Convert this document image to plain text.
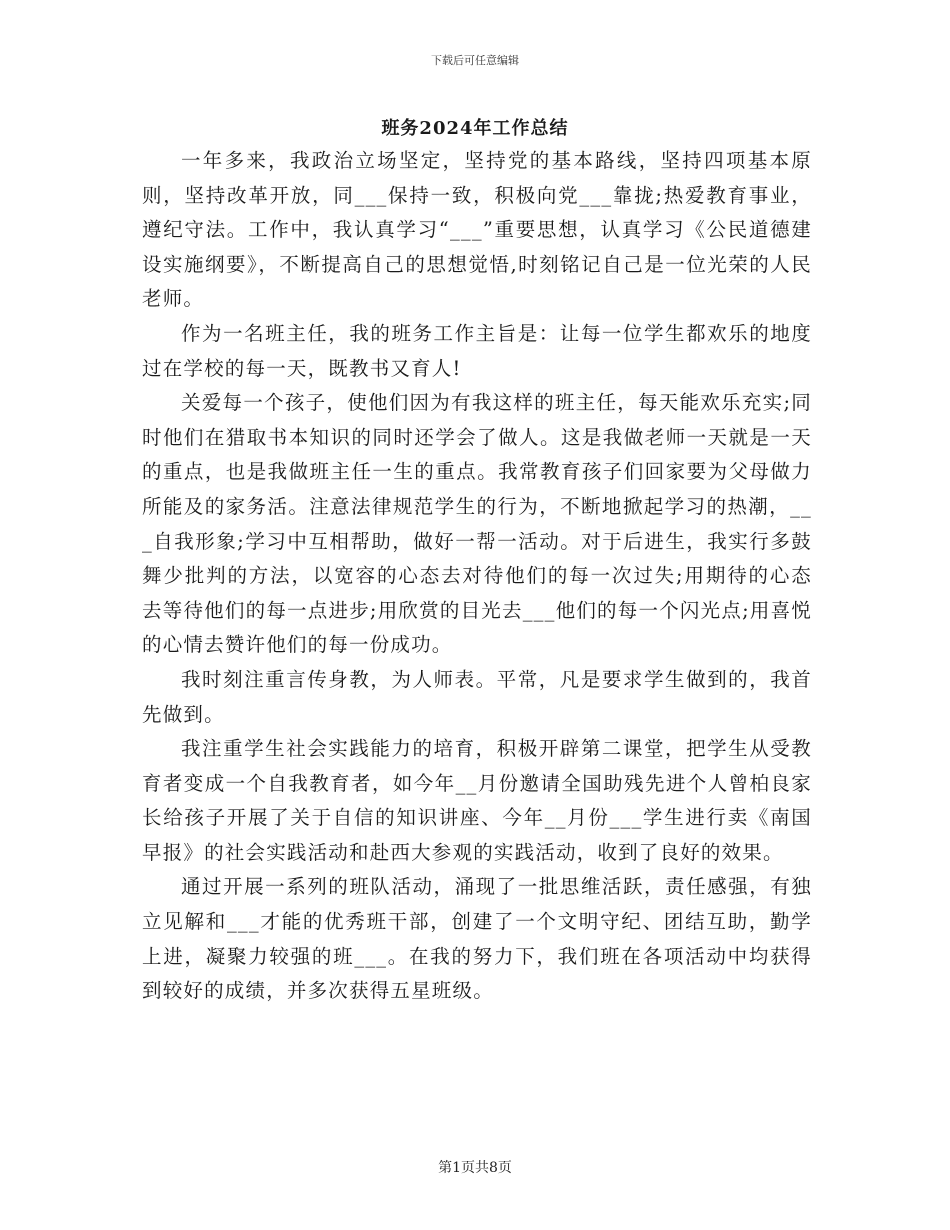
下载后可任意编辑
班务2024年工作总结

一年多来，我政治立场坚定，坚持党的基本路线，坚持四项基本原则，坚持改革开放，同___保持一致，积极向党___靠拢;热爱教育事业，遵纪守法。工作中，我认真学习“___”重要思想，认真学习《公民道德建设实施纲要》，不断提高自己的思想觉悟,时刻铭记自己是一位光荣的人民老师。

作为一名班主任，我的班务工作主旨是：让每一位学生都欢乐的地度过在学校的每一天，既教书又育人!

关爱每一个孩子，使他们因为有我这样的班主任，每天能欢乐充实;同时他们在猎取书本知识的同时还学会了做人。这是我做老师一天就是一天的重点，也是我做班主任一生的重点。我常教育孩子们回家要为父母做力所能及的家务活。注意法律规范学生的行为，不断地掀起学习的热潮，___自我形象;学习中互相帮助，做好一帮一活动。对于后进生，我实行多鼓舞少批判的方法，以宽容的心态去对待他们的每一次过失;用期待的心态去等待他们的每一点进步;用欣赏的目光去___他们的每一个闪光点;用喜悦的心情去赞许他们的每一份成功。

我时刻注重言传身教，为人师表。平常，凡是要求学生做到的，我首先做到。

我注重学生社会实践能力的培育，积极开辟第二课堂，把学生从受教育者变成一个自我教育者，如今年__月份邀请全国助残先进个人曾柏良家长给孩子开展了关于自信的知识讲座、今年__月份___学生进行卖《南国早报》的社会实践活动和赴西大参观的实践活动，收到了良好的效果。

通过开展一系列的班队活动，涌现了一批思维活跃，责任感强，有独立见解和___才能的优秀班干部，创建了一个文明守纪、团结互助，勤学上进，凝聚力较强的班___。在我的努力下，我们班在各项活动中均获得到较好的成绩，并多次获得五星班级。

第1页共8页
